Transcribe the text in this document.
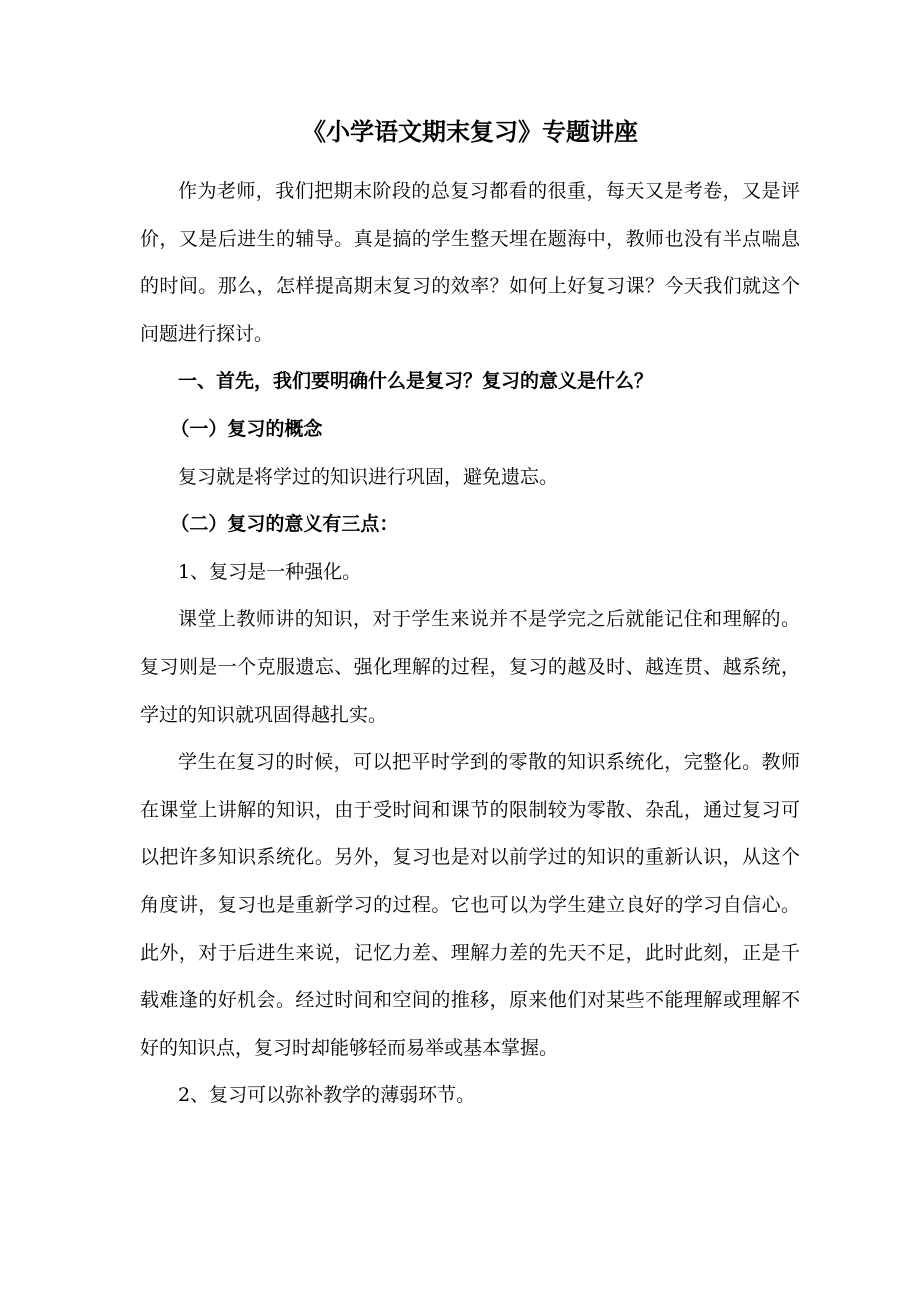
《小学语文期末复习》专题讲座

作为老师，我们把期末阶段的总复习都看的很重，每天又是考卷，又是评价，又是后进生的辅导。真是搞的学生整天埋在题海中，教师也没有半点喘息的时间。那么，怎样提高期末复习的效率？如何上好复习课？今天我们就这个问题进行探讨。

一、首先，我们要明确什么是复习？复习的意义是什么？

（一）复习的概念

复习就是将学过的知识进行巩固，避免遗忘。

（二）复习的意义有三点：

1、复习是一种强化。

课堂上教师讲的知识，对于学生来说并不是学完之后就能记住和理解的。复习则是一个克服遗忘、强化理解的过程，复习的越及时、越连贯、越系统，学过的知识就巩固得越扎实。

学生在复习的时候，可以把平时学到的零散的知识系统化，完整化。教师在课堂上讲解的知识，由于受时间和课节的限制较为零散、杂乱，通过复习可以把许多知识系统化。另外，复习也是对以前学过的知识的重新认识，从这个角度讲，复习也是重新学习的过程。它也可以为学生建立良好的学习自信心。此外，对于后进生来说，记忆力差、理解力差的先天不足，此时此刻，正是千载难逢的好机会。经过时间和空间的推移，原来他们对某些不能理解或理解不好的知识点，复习时却能够轻而易举或基本掌握。

2、复习可以弥补教学的薄弱环节。
